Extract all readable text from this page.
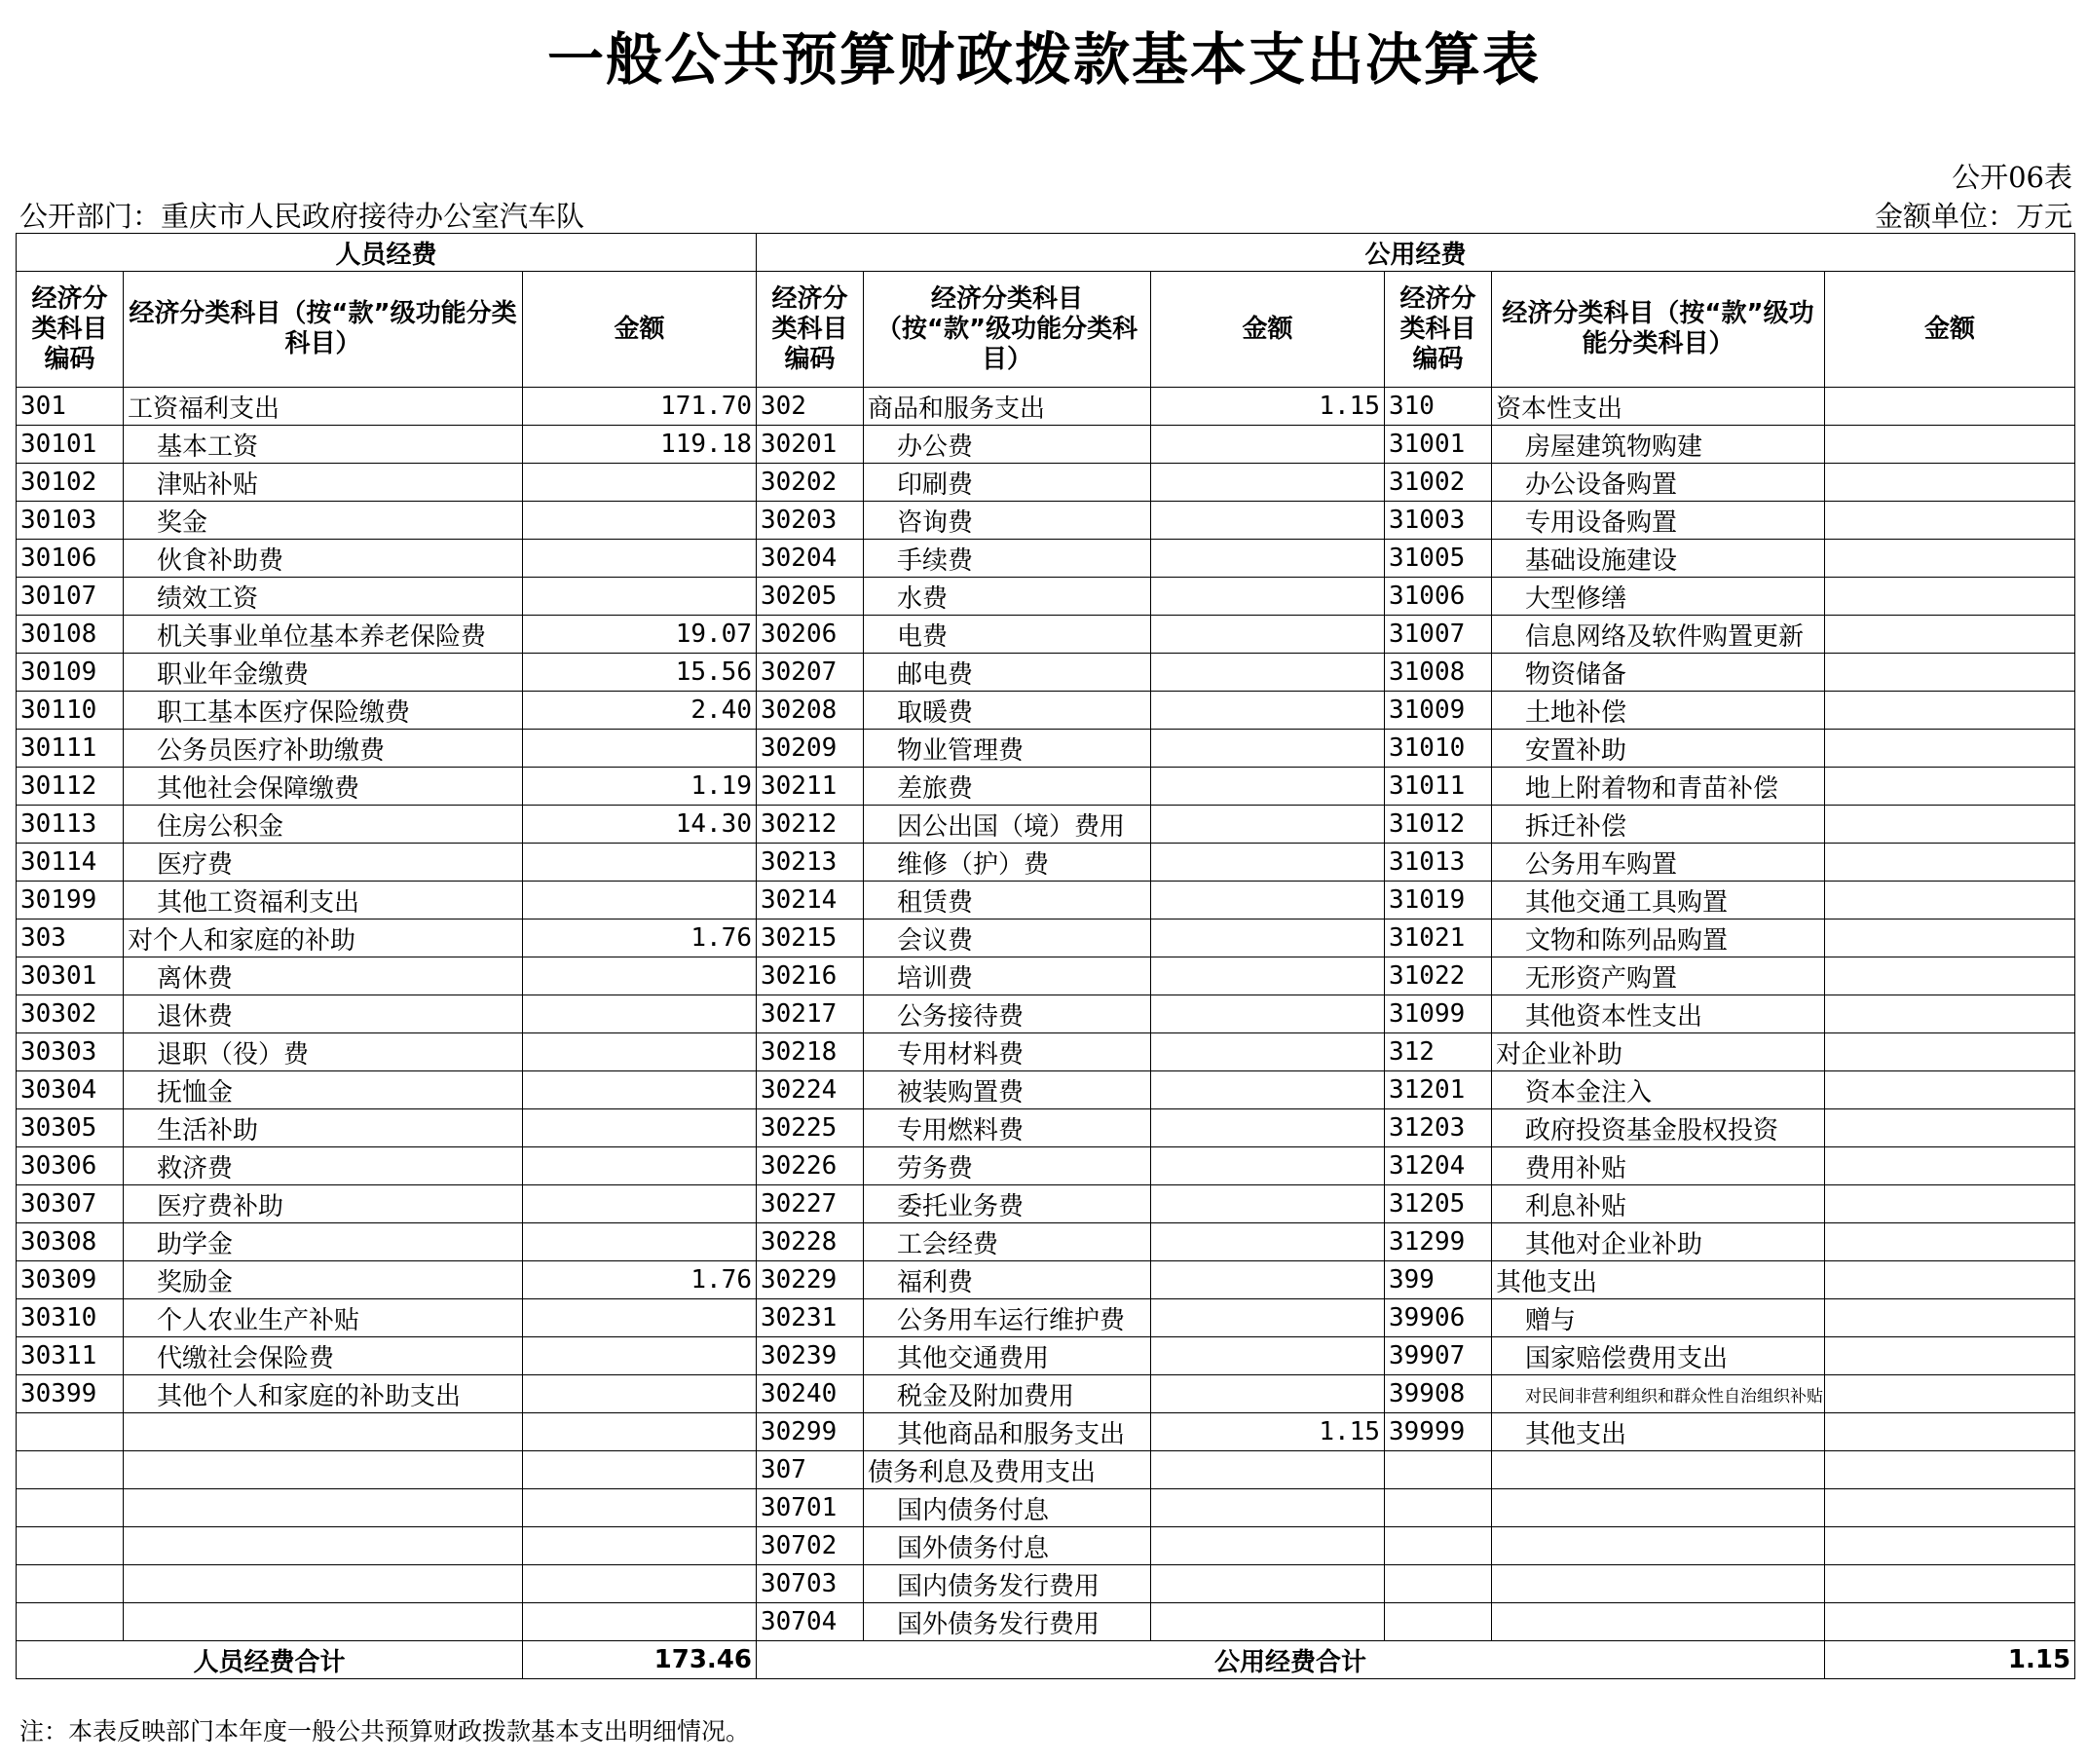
一般公共预算财政拨款基本支出决算表
公开06表
公开部门：重庆市人民政府接待办公室汽车队	金额单位：万元
人员经费			公用经费					
经济分类科目编码	经济分类科目（按“款”级功能分类科目）	金额	经济分类科目编码	经济分类科目（按“款”级功能分类科目）	金额	经济分类科目编码	经济分类科目（按“款”级功能分类科目）	金额
301	工资福利支出	171.70	302	商品和服务支出	1.15	310	资本性支出	
30101	基本工资	119.18	30201	办公费		31001	房屋建筑物购建	
30102	津贴补贴		30202	印刷费		31002	办公设备购置	
30103	奖金		30203	咨询费		31003	专用设备购置	
30106	伙食补助费		30204	手续费		31005	基础设施建设	
30107	绩效工资		30205	水费		31006	大型修缮	
30108	机关事业单位基本养老保险费	19.07	30206	电费		31007	信息网络及软件购置更新	
30109	职业年金缴费	15.56	30207	邮电费		31008	物资储备	
30110	职工基本医疗保险缴费	2.40	30208	取暖费		31009	土地补偿	
30111	公务员医疗补助缴费		30209	物业管理费		31010	安置补助	
30112	其他社会保障缴费	1.19	30211	差旅费		31011	地上附着物和青苗补偿	
30113	住房公积金	14.30	30212	因公出国（境）费用		31012	拆迁补偿	
30114	医疗费		30213	维修（护）费		31013	公务用车购置	
30199	其他工资福利支出		30214	租赁费		31019	其他交通工具购置	
303	对个人和家庭的补助	1.76	30215	会议费		31021	文物和陈列品购置	
30301	离休费		30216	培训费		31022	无形资产购置	
30302	退休费		30217	公务接待费		31099	其他资本性支出	
30303	退职（役）费		30218	专用材料费		312	对企业补助	
30304	抚恤金		30224	被装购置费		31201	资本金注入	
30305	生活补助		30225	专用燃料费		31203	政府投资基金股权投资	
30306	救济费		30226	劳务费		31204	费用补贴	
30307	医疗费补助		30227	委托业务费		31205	利息补贴	
30308	助学金		30228	工会经费		31299	其他对企业补助	
30309	奖励金	1.76	30229	福利费		399	其他支出	
30310	个人农业生产补贴		30231	公务用车运行维护费		39906	赠与	
30311	代缴社会保险费		30239	其他交通费用		39907	国家赔偿费用支出	
30399	其他个人和家庭的补助支出		30240	税金及附加费用		39908	对民间非营利组织和群众性自治组织补贴	
			30299	其他商品和服务支出	1.15	39999	其他支出	
			307	债务利息及费用支出				
			30701	国内债务付息				
			30702	国外债务付息				
			30703	国内债务发行费用				
			30704	国外债务发行费用				
人员经费合计		173.46	公用经费合计					1.15
注：本表反映部门本年度一般公共预算财政拨款基本支出明细情况。
